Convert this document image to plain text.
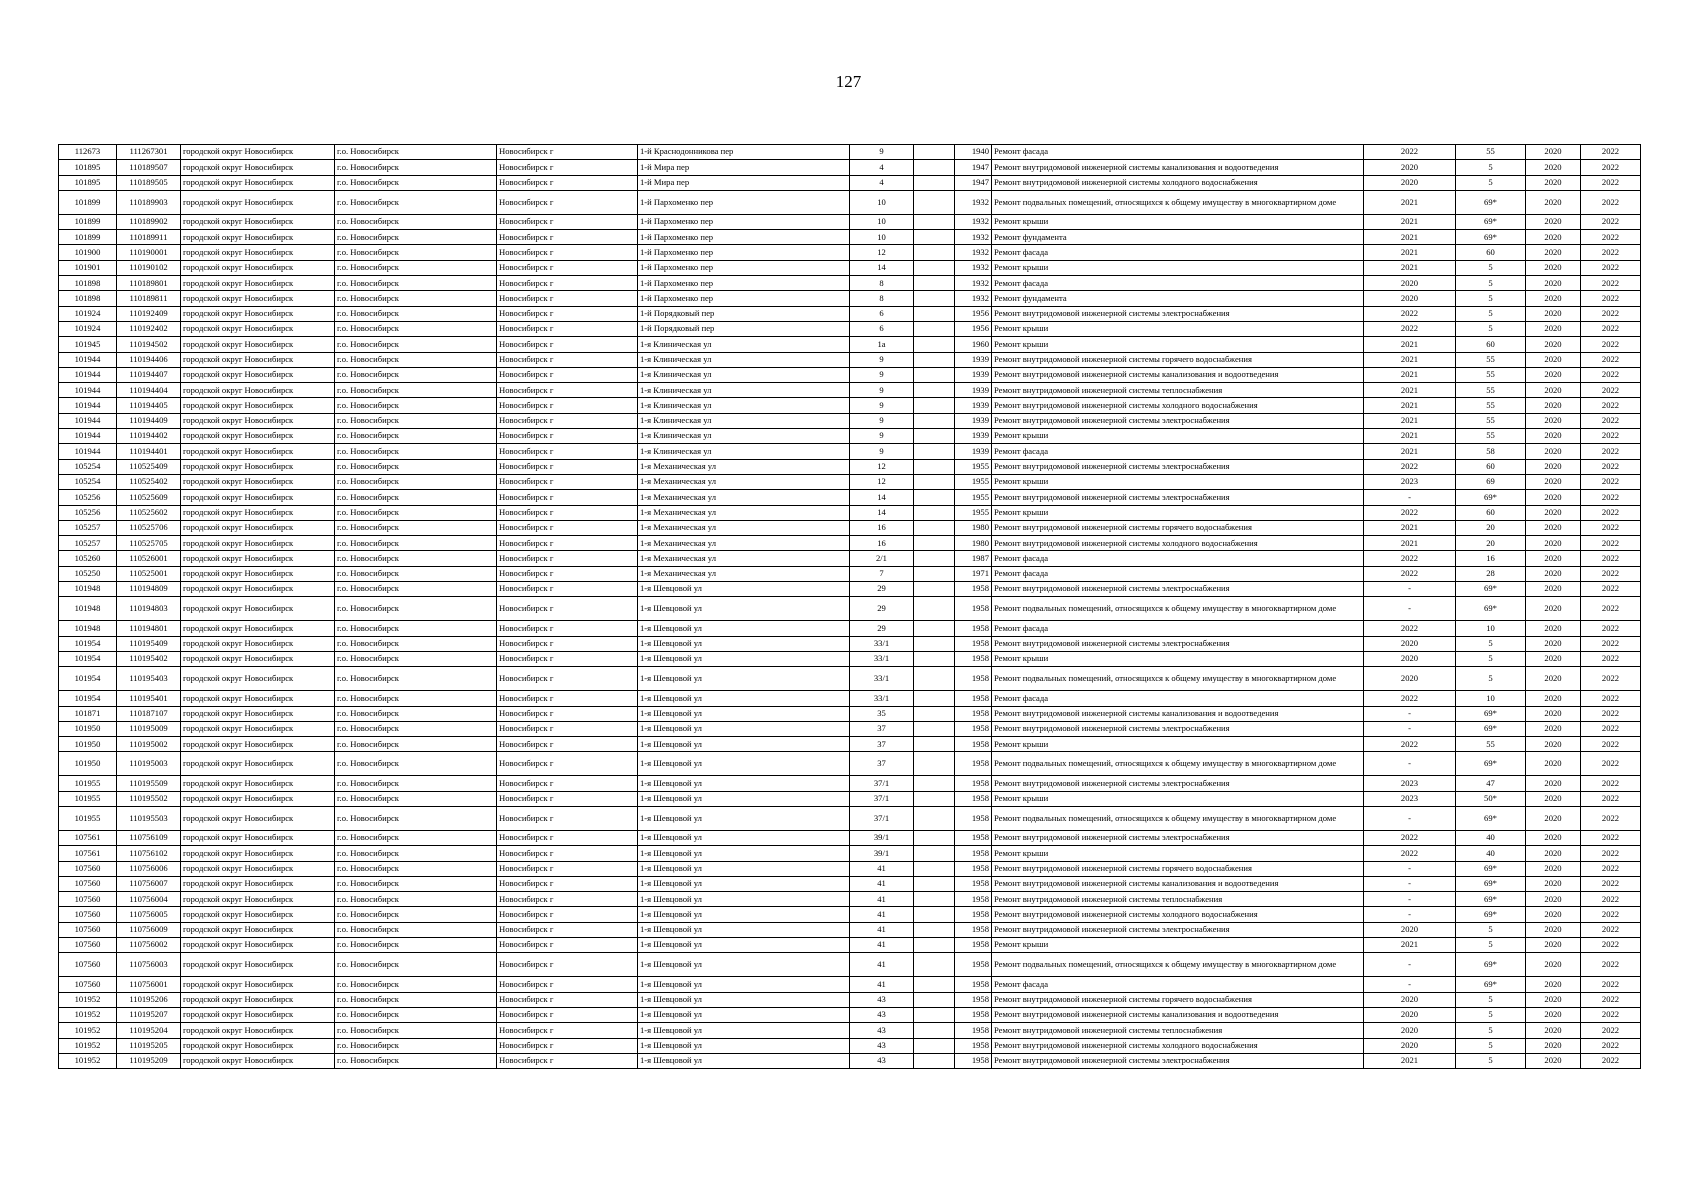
127
112673	111267301	городской округ Новосибирск	г.о. Новосибирск	Новосибирск г	1-й Краснодонникова пер	9		1940	Ремонт фасада	2022	55	2020	2022
101895	110189507	городской округ Новосибирск	г.о. Новосибирск	Новосибирск г	1-й Мира пер	4		1947	Ремонт внутридомовой инженерной системы канализования и водоотведения	2020	5	2020	2022
101895	110189505	городской округ Новосибирск	г.о. Новосибирск	Новосибирск г	1-й Мира пер	4		1947	Ремонт внутридомовой инженерной системы холодного водоснабжения	2020	5	2020	2022
101899	110189903	городской округ Новосибирск	г.о. Новосибирск	Новосибирск г	1-й Пархоменко пер	10		1932	Ремонт подвальных помещений, относящихся к общему имуществу в многоквартирном доме	2021	69*	2020	2022
101899	110189902	городской округ Новосибирск	г.о. Новосибирск	Новосибирск г	1-й Пархоменко пер	10		1932	Ремонт крыши	2021	69*	2020	2022
101899	110189911	городской округ Новосибирск	г.о. Новосибирск	Новосибирск г	1-й Пархоменко пер	10		1932	Ремонт фундамента	2021	69*	2020	2022
101900	110190001	городской округ Новосибирск	г.о. Новосибирск	Новосибирск г	1-й Пархоменко пер	12		1932	Ремонт фасада	2021	60	2020	2022
101901	110190102	городской округ Новосибирск	г.о. Новосибирск	Новосибирск г	1-й Пархоменко пер	14		1932	Ремонт крыши	2021	5	2020	2022
101898	110189801	городской округ Новосибирск	г.о. Новосибирск	Новосибирск г	1-й Пархоменко пер	8		1932	Ремонт фасада	2020	5	2020	2022
101898	110189811	городской округ Новосибирск	г.о. Новосибирск	Новосибирск г	1-й Пархоменко пер	8		1932	Ремонт фундамента	2020	5	2020	2022
101924	110192409	городской округ Новосибирск	г.о. Новосибирск	Новосибирск г	1-й Порядковый пер	6		1956	Ремонт внутридомовой инженерной системы электроснабжения	2022	5	2020	2022
101924	110192402	городской округ Новосибирск	г.о. Новосибирск	Новосибирск г	1-й Порядковый пер	6		1956	Ремонт крыши	2022	5	2020	2022
101945	110194502	городской округ Новосибирск	г.о. Новосибирск	Новосибирск г	1-я Клиническая ул	1а		1960	Ремонт крыши	2021	60	2020	2022
101944	110194406	городской округ Новосибирск	г.о. Новосибирск	Новосибирск г	1-я Клиническая ул	9		1939	Ремонт внутридомовой инженерной системы горячего водоснабжения	2021	55	2020	2022
101944	110194407	городской округ Новосибирск	г.о. Новосибирск	Новосибирск г	1-я Клиническая ул	9		1939	Ремонт внутридомовой инженерной системы канализования и водоотведения	2021	55	2020	2022
101944	110194404	городской округ Новосибирск	г.о. Новосибирск	Новосибирск г	1-я Клиническая ул	9		1939	Ремонт внутридомовой инженерной системы теплоснабжения	2021	55	2020	2022
101944	110194405	городской округ Новосибирск	г.о. Новосибирск	Новосибирск г	1-я Клиническая ул	9		1939	Ремонт внутридомовой инженерной системы холодного водоснабжения	2021	55	2020	2022
101944	110194409	городской округ Новосибирск	г.о. Новосибирск	Новосибирск г	1-я Клиническая ул	9		1939	Ремонт внутридомовой инженерной системы электроснабжения	2021	55	2020	2022
101944	110194402	городской округ Новосибирск	г.о. Новосибирск	Новосибирск г	1-я Клиническая ул	9		1939	Ремонт крыши	2021	55	2020	2022
101944	110194401	городской округ Новосибирск	г.о. Новосибирск	Новосибирск г	1-я Клиническая ул	9		1939	Ремонт фасада	2021	58	2020	2022
105254	110525409	городской округ Новосибирск	г.о. Новосибирск	Новосибирск г	1-я Механическая ул	12		1955	Ремонт внутридомовой инженерной системы электроснабжения	2022	60	2020	2022
105254	110525402	городской округ Новосибирск	г.о. Новосибирск	Новосибирск г	1-я Механическая ул	12		1955	Ремонт крыши	2023	69	2020	2022
105256	110525609	городской округ Новосибирск	г.о. Новосибирск	Новосибирск г	1-я Механическая ул	14		1955	Ремонт внутридомовой инженерной системы электроснабжения	-	69*	2020	2022
105256	110525602	городской округ Новосибирск	г.о. Новосибирск	Новосибирск г	1-я Механическая ул	14		1955	Ремонт крыши	2022	60	2020	2022
105257	110525706	городской округ Новосибирск	г.о. Новосибирск	Новосибирск г	1-я Механическая ул	16		1980	Ремонт внутридомовой инженерной системы горячего водоснабжения	2021	20	2020	2022
105257	110525705	городской округ Новосибирск	г.о. Новосибирск	Новосибирск г	1-я Механическая ул	16		1980	Ремонт внутридомовой инженерной системы холодного водоснабжения	2021	20	2020	2022
105260	110526001	городской округ Новосибирск	г.о. Новосибирск	Новосибирск г	1-я Механическая ул	2/1		1987	Ремонт фасада	2022	16	2020	2022
105250	110525001	городской округ Новосибирск	г.о. Новосибирск	Новосибирск г	1-я Механическая ул	7		1971	Ремонт фасада	2022	28	2020	2022
101948	110194809	городской округ Новосибирск	г.о. Новосибирск	Новосибирск г	1-я Шевцовой ул	29		1958	Ремонт внутридомовой инженерной системы электроснабжения	-	69*	2020	2022
101948	110194803	городской округ Новосибирск	г.о. Новосибирск	Новосибирск г	1-я Шевцовой ул	29		1958	Ремонт подвальных помещений, относящихся к общему имуществу в многоквартирном доме	-	69*	2020	2022
101948	110194801	городской округ Новосибирск	г.о. Новосибирск	Новосибирск г	1-я Шевцовой ул	29		1958	Ремонт фасада	2022	10	2020	2022
101954	110195409	городской округ Новосибирск	г.о. Новосибирск	Новосибирск г	1-я Шевцовой ул	33/1		1958	Ремонт внутридомовой инженерной системы электроснабжения	2020	5	2020	2022
101954	110195402	городской округ Новосибирск	г.о. Новосибирск	Новосибирск г	1-я Шевцовой ул	33/1		1958	Ремонт крыши	2020	5	2020	2022
101954	110195403	городской округ Новосибирск	г.о. Новосибирск	Новосибирск г	1-я Шевцовой ул	33/1		1958	Ремонт подвальных помещений, относящихся к общему имуществу в многоквартирном доме	2020	5	2020	2022
101954	110195401	городской округ Новосибирск	г.о. Новосибирск	Новосибирск г	1-я Шевцовой ул	33/1		1958	Ремонт фасада	2022	10	2020	2022
101871	110187107	городской округ Новосибирск	г.о. Новосибирск	Новосибирск г	1-я Шевцовой ул	35		1958	Ремонт внутридомовой инженерной системы канализования и водоотведения	-	69*	2020	2022
101950	110195009	городской округ Новосибирск	г.о. Новосибирск	Новосибирск г	1-я Шевцовой ул	37		1958	Ремонт внутридомовой инженерной системы электроснабжения	-	69*	2020	2022
101950	110195002	городской округ Новосибирск	г.о. Новосибирск	Новосибирск г	1-я Шевцовой ул	37		1958	Ремонт крыши	2022	55	2020	2022
101950	110195003	городской округ Новосибирск	г.о. Новосибирск	Новосибирск г	1-я Шевцовой ул	37		1958	Ремонт подвальных помещений, относящихся к общему имуществу в многоквартирном доме	-	69*	2020	2022
101955	110195509	городской округ Новосибирск	г.о. Новосибирск	Новосибирск г	1-я Шевцовой ул	37/1		1958	Ремонт внутридомовой инженерной системы электроснабжения	2023	47	2020	2022
101955	110195502	городской округ Новосибирск	г.о. Новосибирск	Новосибирск г	1-я Шевцовой ул	37/1		1958	Ремонт крыши	2023	50*	2020	2022
101955	110195503	городской округ Новосибирск	г.о. Новосибирск	Новосибирск г	1-я Шевцовой ул	37/1		1958	Ремонт подвальных помещений, относящихся к общему имуществу в многоквартирном доме	-	69*	2020	2022
107561	110756109	городской округ Новосибирск	г.о. Новосибирск	Новосибирск г	1-я Шевцовой ул	39/1		1958	Ремонт внутридомовой инженерной системы электроснабжения	2022	40	2020	2022
107561	110756102	городской округ Новосибирск	г.о. Новосибирск	Новосибирск г	1-я Шевцовой ул	39/1		1958	Ремонт крыши	2022	40	2020	2022
107560	110756006	городской округ Новосибирск	г.о. Новосибирск	Новосибирск г	1-я Шевцовой ул	41		1958	Ремонт внутридомовой инженерной системы горячего водоснабжения	-	69*	2020	2022
107560	110756007	городской округ Новосибирск	г.о. Новосибирск	Новосибирск г	1-я Шевцовой ул	41		1958	Ремонт внутридомовой инженерной системы канализования и водоотведения	-	69*	2020	2022
107560	110756004	городской округ Новосибирск	г.о. Новосибирск	Новосибирск г	1-я Шевцовой ул	41		1958	Ремонт внутридомовой инженерной системы теплоснабжения	-	69*	2020	2022
107560	110756005	городской округ Новосибирск	г.о. Новосибирск	Новосибирск г	1-я Шевцовой ул	41		1958	Ремонт внутридомовой инженерной системы холодного водоснабжения	-	69*	2020	2022
107560	110756009	городской округ Новосибирск	г.о. Новосибирск	Новосибирск г	1-я Шевцовой ул	41		1958	Ремонт внутридомовой инженерной системы электроснабжения	2020	5	2020	2022
107560	110756002	городской округ Новосибирск	г.о. Новосибирск	Новосибирск г	1-я Шевцовой ул	41		1958	Ремонт крыши	2021	5	2020	2022
107560	110756003	городской округ Новосибирск	г.о. Новосибирск	Новосибирск г	1-я Шевцовой ул	41		1958	Ремонт подвальных помещений, относящихся к общему имуществу в многоквартирном доме	-	69*	2020	2022
107560	110756001	городской округ Новосибирск	г.о. Новосибирск	Новосибирск г	1-я Шевцовой ул	41		1958	Ремонт фасада	-	69*	2020	2022
101952	110195206	городской округ Новосибирск	г.о. Новосибирск	Новосибирск г	1-я Шевцовой ул	43		1958	Ремонт внутридомовой инженерной системы горячего водоснабжения	2020	5	2020	2022
101952	110195207	городской округ Новосибирск	г.о. Новосибирск	Новосибирск г	1-я Шевцовой ул	43		1958	Ремонт внутридомовой инженерной системы канализования и водоотведения	2020	5	2020	2022
101952	110195204	городской округ Новосибирск	г.о. Новосибирск	Новосибирск г	1-я Шевцовой ул	43		1958	Ремонт внутридомовой инженерной системы теплоснабжения	2020	5	2020	2022
101952	110195205	городской округ Новосибирск	г.о. Новосибирск	Новосибирск г	1-я Шевцовой ул	43		1958	Ремонт внутридомовой инженерной системы холодного водоснабжения	2020	5	2020	2022
101952	110195209	городской округ Новосибирск	г.о. Новосибирск	Новосибирск г	1-я Шевцовой ул	43		1958	Ремонт внутридомовой инженерной системы электроснабжения	2021	5	2020	2022
